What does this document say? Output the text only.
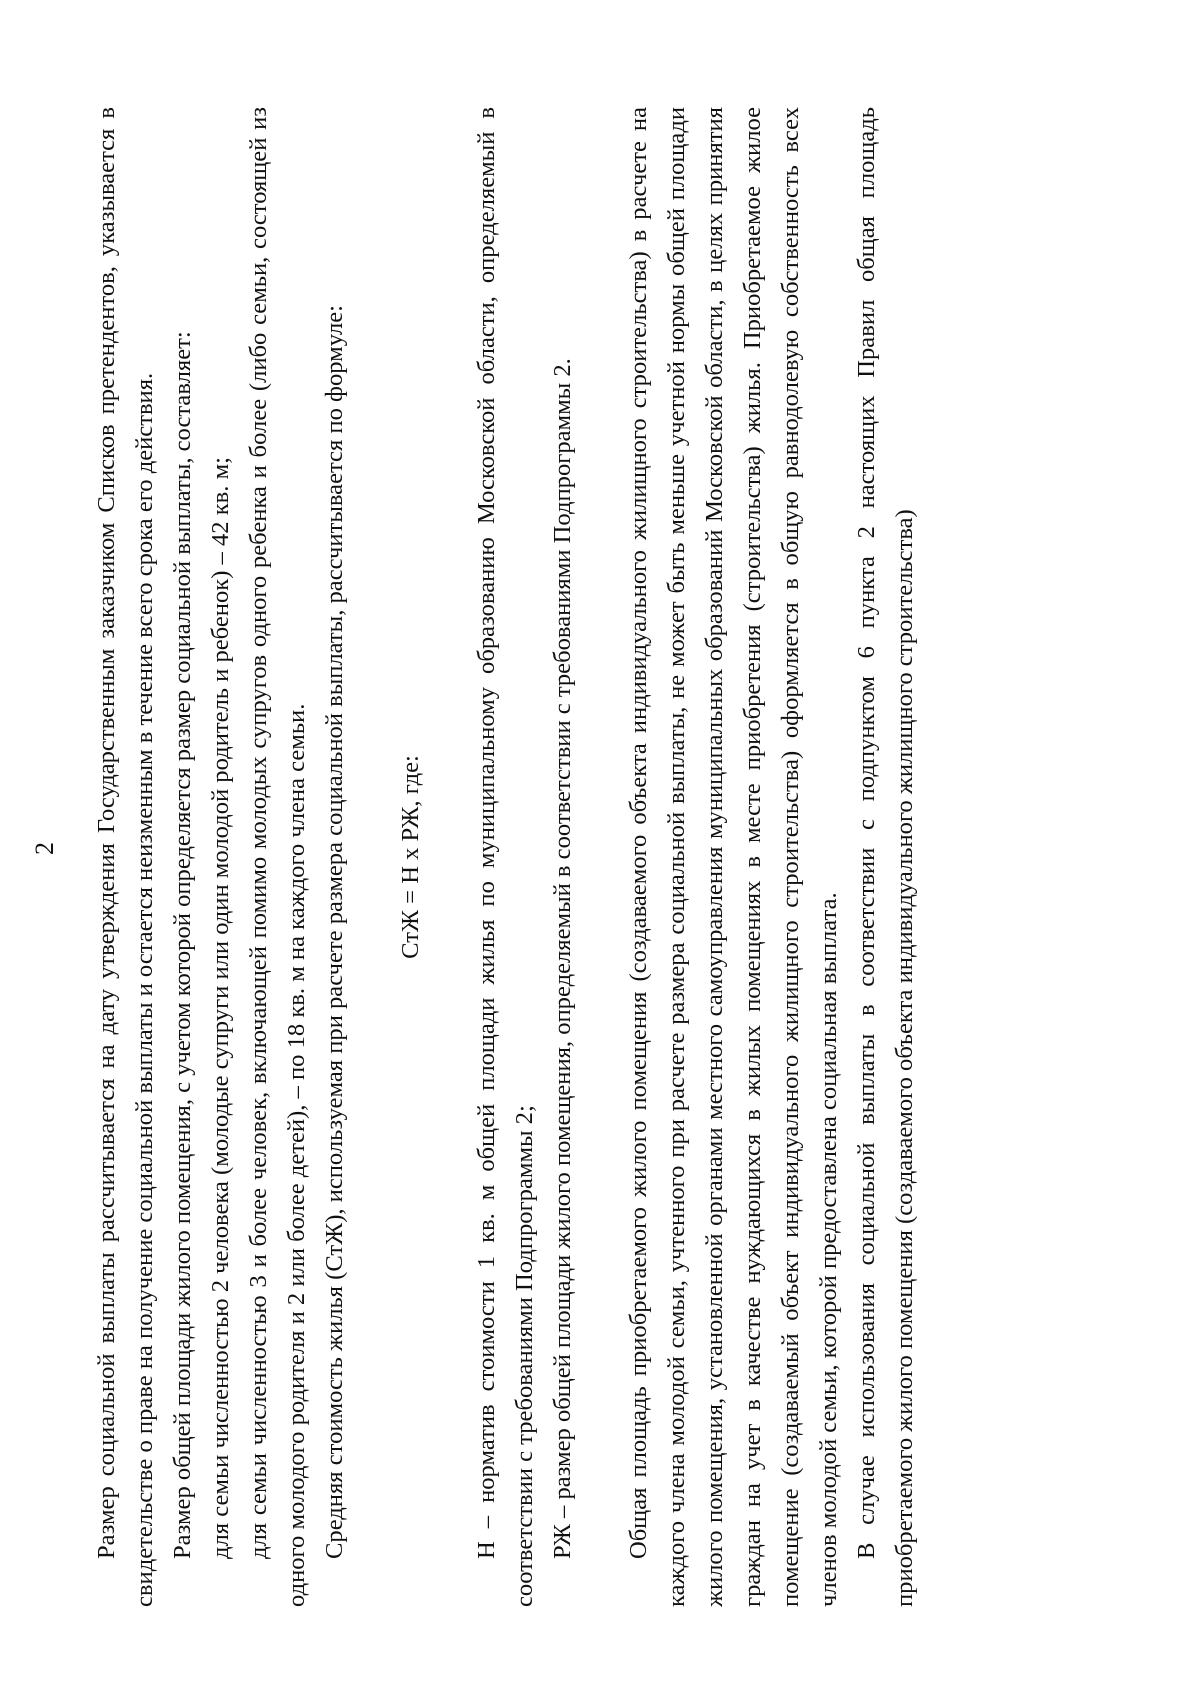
2 Размер социальной выплаты рассчитывается на дату утверждения Государственным заказчиком Списков претендентов, указывается в свидетельстве о праве на получение социальной выплаты и остается неизменным в течение всего срока его действия. Размер общей площади жилого помещения, с учетом которой определяется размер социальной выплаты, составляет: для семьи численностью 2 человека (молодые супруги или один молодой родитель и ребенок) – 42 кв. м; для семьи численностью 3 и более человек, включающей помимо молодых супругов одного ребенка и более (либо семьи, состоящей из одного молодого родителя и 2 или более детей), – по 18 кв. м на каждого члена семьи. Средняя стоимость жилья (СтЖ), используемая при расчете размера социальной выплаты, рассчитывается по формуле: СтЖ = Н х РЖ, где: Н – норматив стоимости 1 кв. м общей площади жилья по муниципальному образованию Московской области, определяемый в соответствии с требованиями Подпрограммы 2; РЖ – размер общей площади жилого помещения, определяемый в соответствии с требованиями Подпрограммы 2. Общая площадь приобретаемого жилого помещения (создаваемого объекта индивидуального жилищного строительства) в расчете на каждого члена молодой семьи, учтенного при расчете размера социальной выплаты, не может быть меньше учетной нормы общей площади жилого помещения, установленной органами местного самоуправления муниципальных образований Московской области, в целях принятия граждан на учет в качестве нуждающихся в жилых помещениях в месте приобретения (строительства) жилья. Приобретаемое жилое помещение (создаваемый объект индивидуального жилищного строительства) оформляется в общую равнодолевую собственность всех членов молодой семьи, которой предоставлена социальная выплата. В случае использования социальной выплаты в соответствии с подпунктом 6 пункта 2 настоящих Правил общая площадь приобретаемого жилого помещения (создаваемого объекта индивидуального жилищного строительства)
